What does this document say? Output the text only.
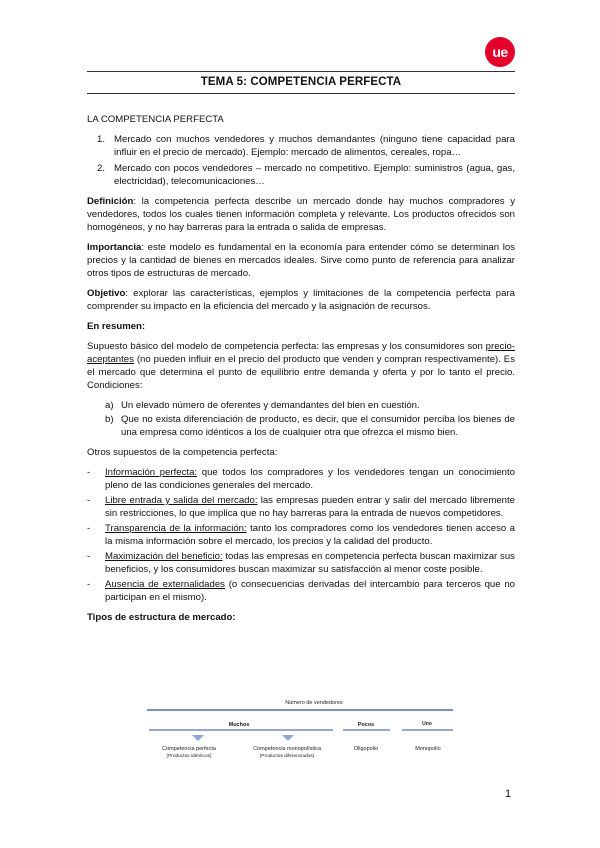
ue
TEMA 5: COMPETENCIA PERFECTA
LA COMPETENCIA PERFECTA
1. Mercado con muchos vendedores y muchos demandantes (ninguno tiene capacidad para influir en el precio de mercado). Ejemplo: mercado de alimentos, cereales, ropa…
2. Mercado con pocos vendedores – mercado no competitivo. Ejemplo: suministros (agua, gas, electricidad), telecomunicaciones…

Definición: la competencia perfecta describe un mercado donde hay muchos compradores y vendedores, todos los cuales tienen información completa y relevante. Los productos ofrecidos son homogéneos, y no hay barreras para la entrada o salida de empresas.

Importancia: este modelo es fundamental en la economía para entender cómo se determinan los precios y la cantidad de bienes en mercados ideales. Sirve como punto de referencia para analizar otros tipos de estructuras de mercado.

Objetivo: explorar las características, ejemplos y limitaciones de la competencia perfecta para comprender su impacto en la eficiencia del mercado y la asignación de recursos.

En resumen:

Supuesto básico del modelo de competencia perfecta: las empresas y los consumidores son precio-aceptantes (no pueden influir en el precio del producto que venden y compran respectivamente). Es el mercado que determina el punto de equilibrio entre demanda y oferta y por lo tanto el precio. Condiciones:

a) Un elevado número de oferentes y demandantes del bien en cuestión.
b) Que no exista diferenciación de producto, es decir, que el consumidor perciba los bienes de una empresa como idénticos a los de cualquier otra que ofrezca el mismo bien.

Otros supuestos de la competencia perfecta:

- Información perfecta: que todos los compradores y los vendedores tengan un conocimiento pleno de las condiciones generales del mercado.
- Libre entrada y salida del mercado: las empresas pueden entrar y salir del mercado libremente sin restricciones, lo que implica que no hay barreras para la entrada de nuevos competidores.
- Transparencia de la información: tanto los compradores como los vendedores tienen acceso a la misma información sobre el mercado, los precios y la calidad del producto.
- Maximización del beneficio: todas las empresas en competencia perfecta buscan maximizar sus beneficios, y los consumidores buscan maximizar su satisfacción al menor coste posible.
- Ausencia de externalidades (o consecuencias derivadas del intercambio para terceros que no participan en el mismo).

Tipos de estructura de mercado:

Número de vendedores
Muchos	Pocos	Uno
Competencia perfecta
(Productos idénticos)
Competencia monopolística
(Productos diferenciados)
Oligopolio	Monopolio
1
